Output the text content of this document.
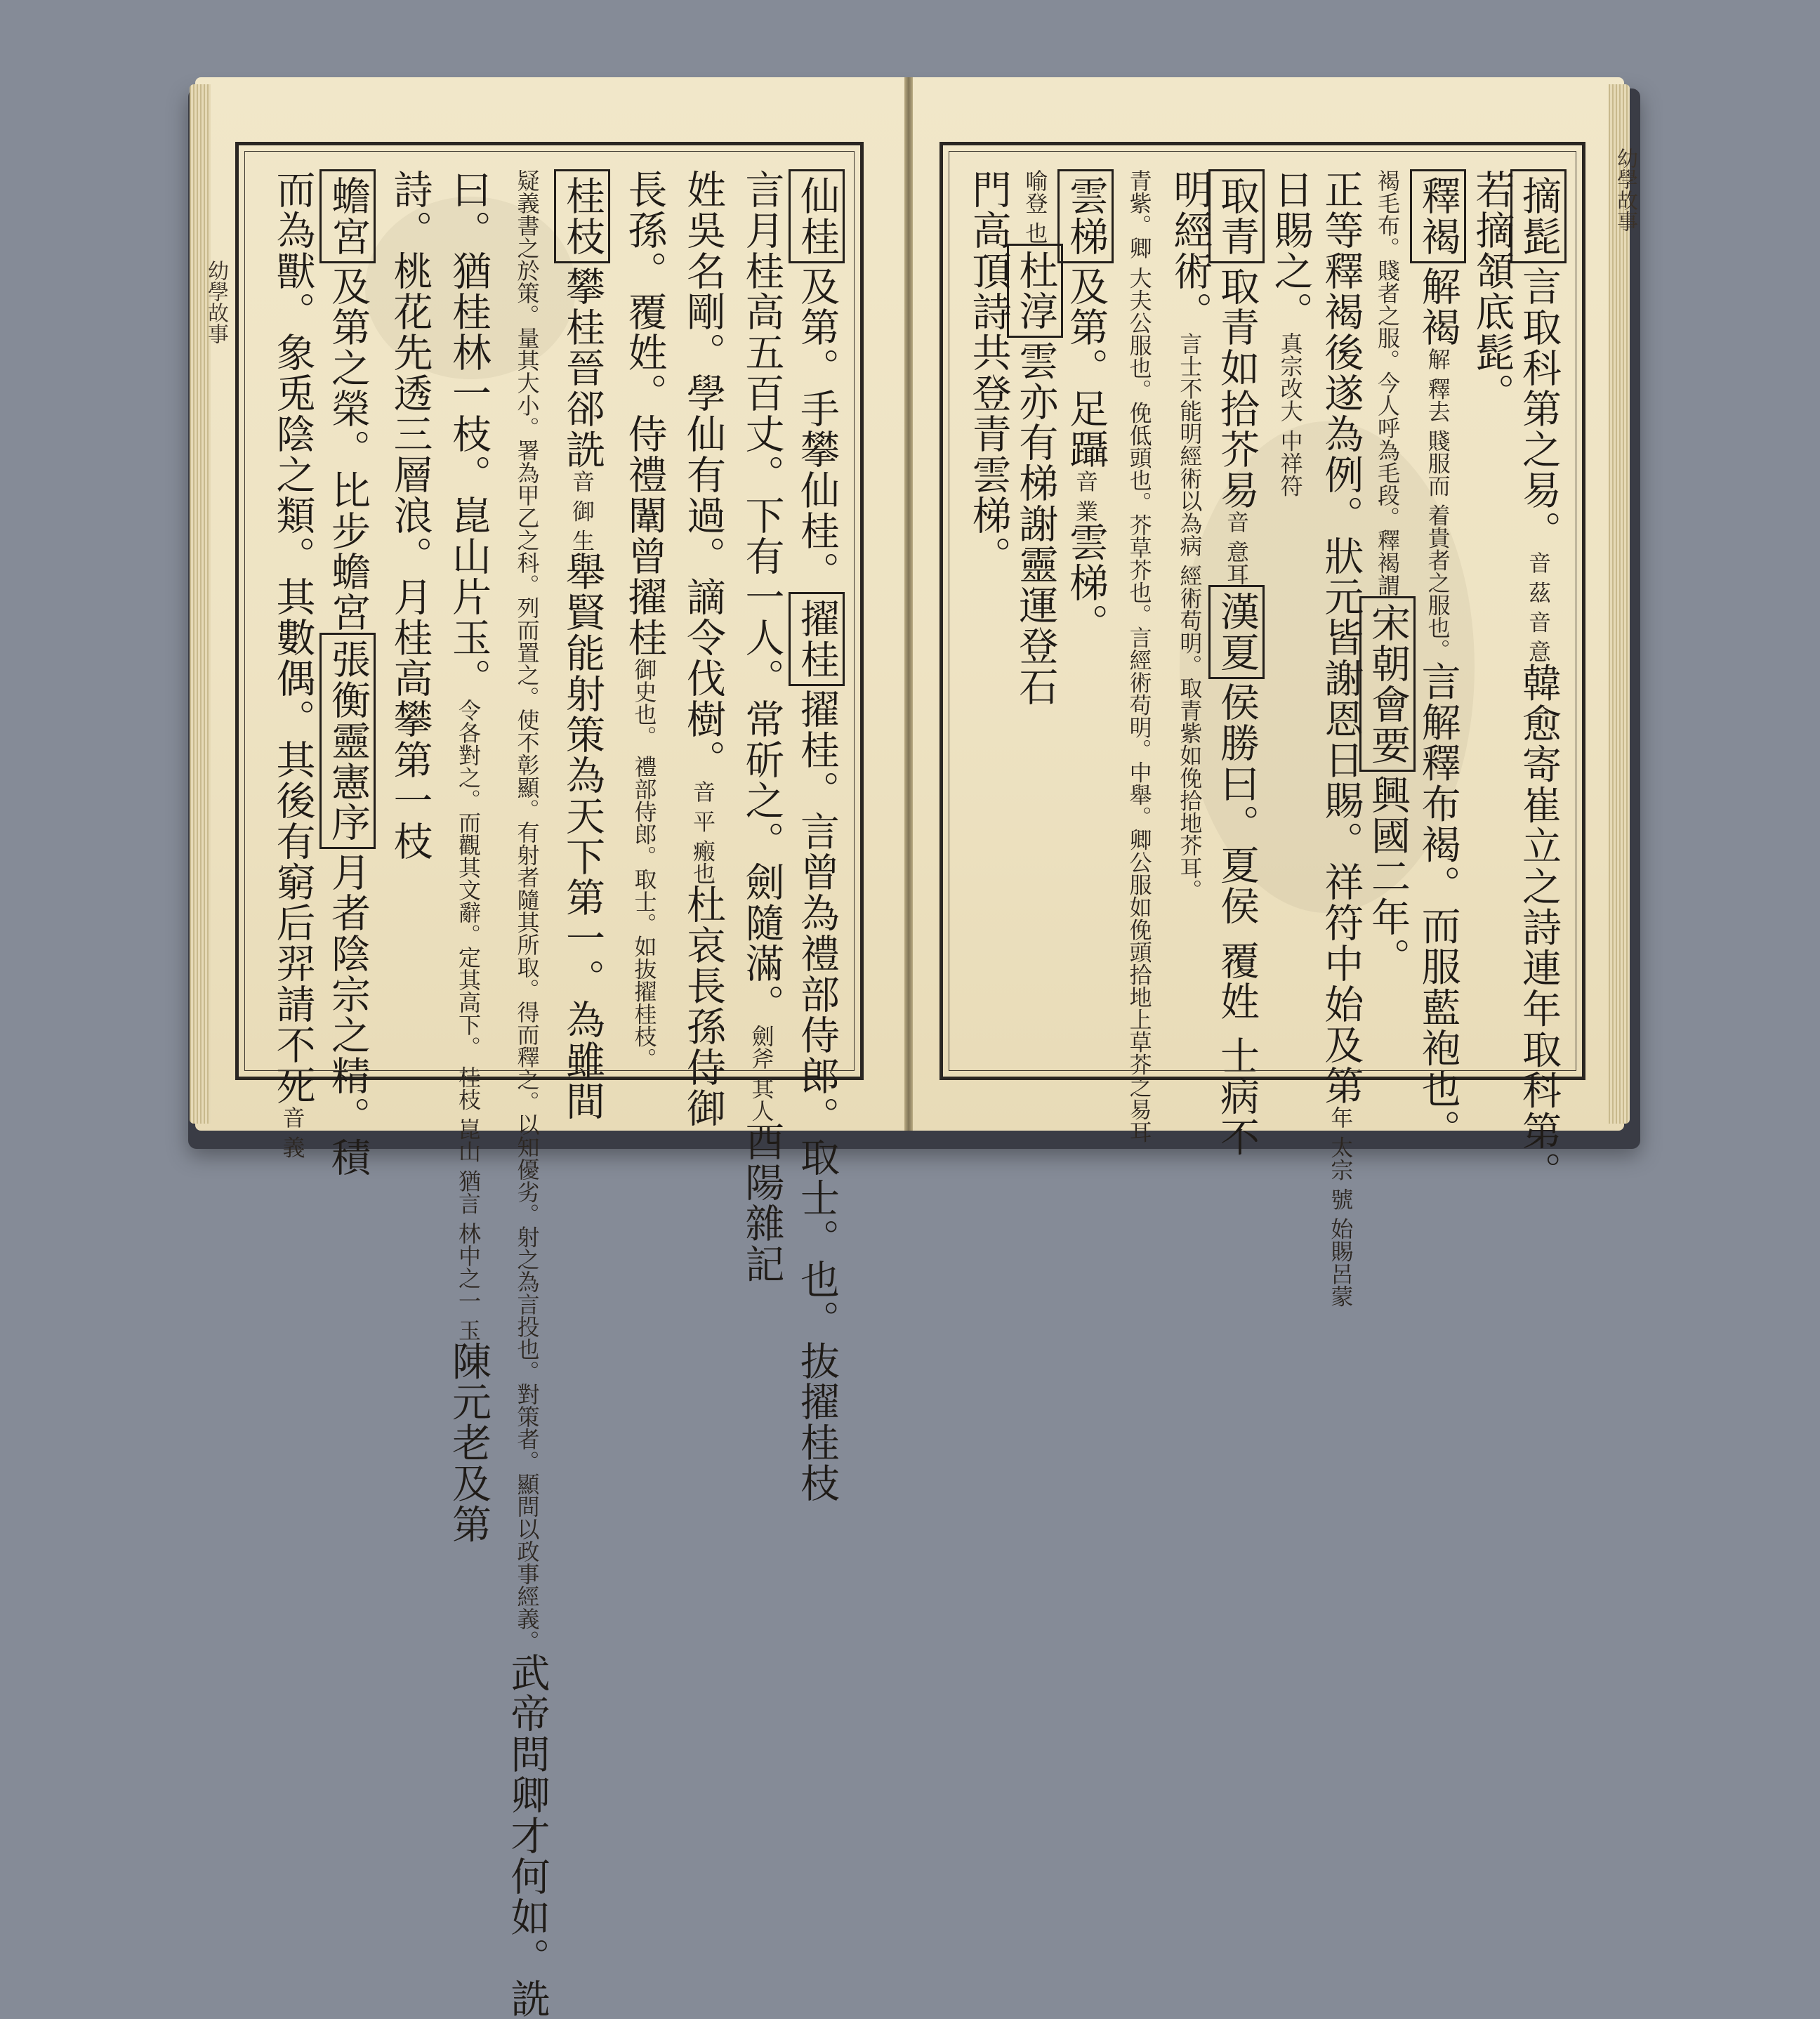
幼學故事
幼學故事
仙桂及第。手攀仙桂。擢桂擢桂。言曾為禮部侍郎。取士。也。抜擢桂枝
言月桂高五百丈。下有一人。常斫之。劍隨滿。劍斧 其人酉陽雜記
姓吳名剛。學仙有過。謫令伐樹。音 平 瘢也杜哀長孫侍御
長孫。覆姓。侍禮闈曾擢桂御史也。 禮部侍郎。取士。如抜擢桂枝。
桂枝攀桂晉郤詵音 御 生舉賢能射策為天下第一。為雖間
疑義書之於策。量其大小。署為甲乙之科。列而置之。使不彰顯。有射者隨其所取。得而釋之。以知優劣。射之為言投也。對策者。顯問以政事經義。武帝問卿才何如。詵
曰。猶桂林一枝。崑山片玉。令各對之。而觀其文辭。定其高下。 桂枝 崑山 猶言 林中之一 玉陳元老及第
詩。桃花先透三層浪。月桂高攀第一枝
蟾宮及第之榮。比步蟾宮張衡靈憲序月者陰宗之精。積
而為獸。象兎陰之類。其數偶。其後有窮后羿請不死音 義
摘髭言取科第之易。音 茲 音 意韓愈寄崔立之詩連年取科第。
若摘頷底髭。
釋褐解褐解 釋去 賤服而 着貴者之服也。言解釋布褐。而服藍袍也。
褐毛布。賤者之服。今人呼為毛段。釋褐謂宋朝會要興國二年。
正等釋褐後遂為例。狀元皆謝恩日賜。祥符中始及第年 太宗 號 始賜呂蒙
日賜之。真宗改大 中祥符
取青取青如拾芥易音 意耳漢夏侯勝曰。夏侯 覆姓 士病不
明經術。言士不能明經術以為病 經術苟明。取青紫如俛拾地芥耳。
青紫。卿 大夫公服也。俛低頭也。芥草芥也。言經術苟明。中舉。卿公服如俛頭拾地上草芥之易耳
雲梯及第。足躡音 業雲梯。
喻登 也杜淳雲亦有梯謝靈運登石
門高頂詩共登青雲梯。
